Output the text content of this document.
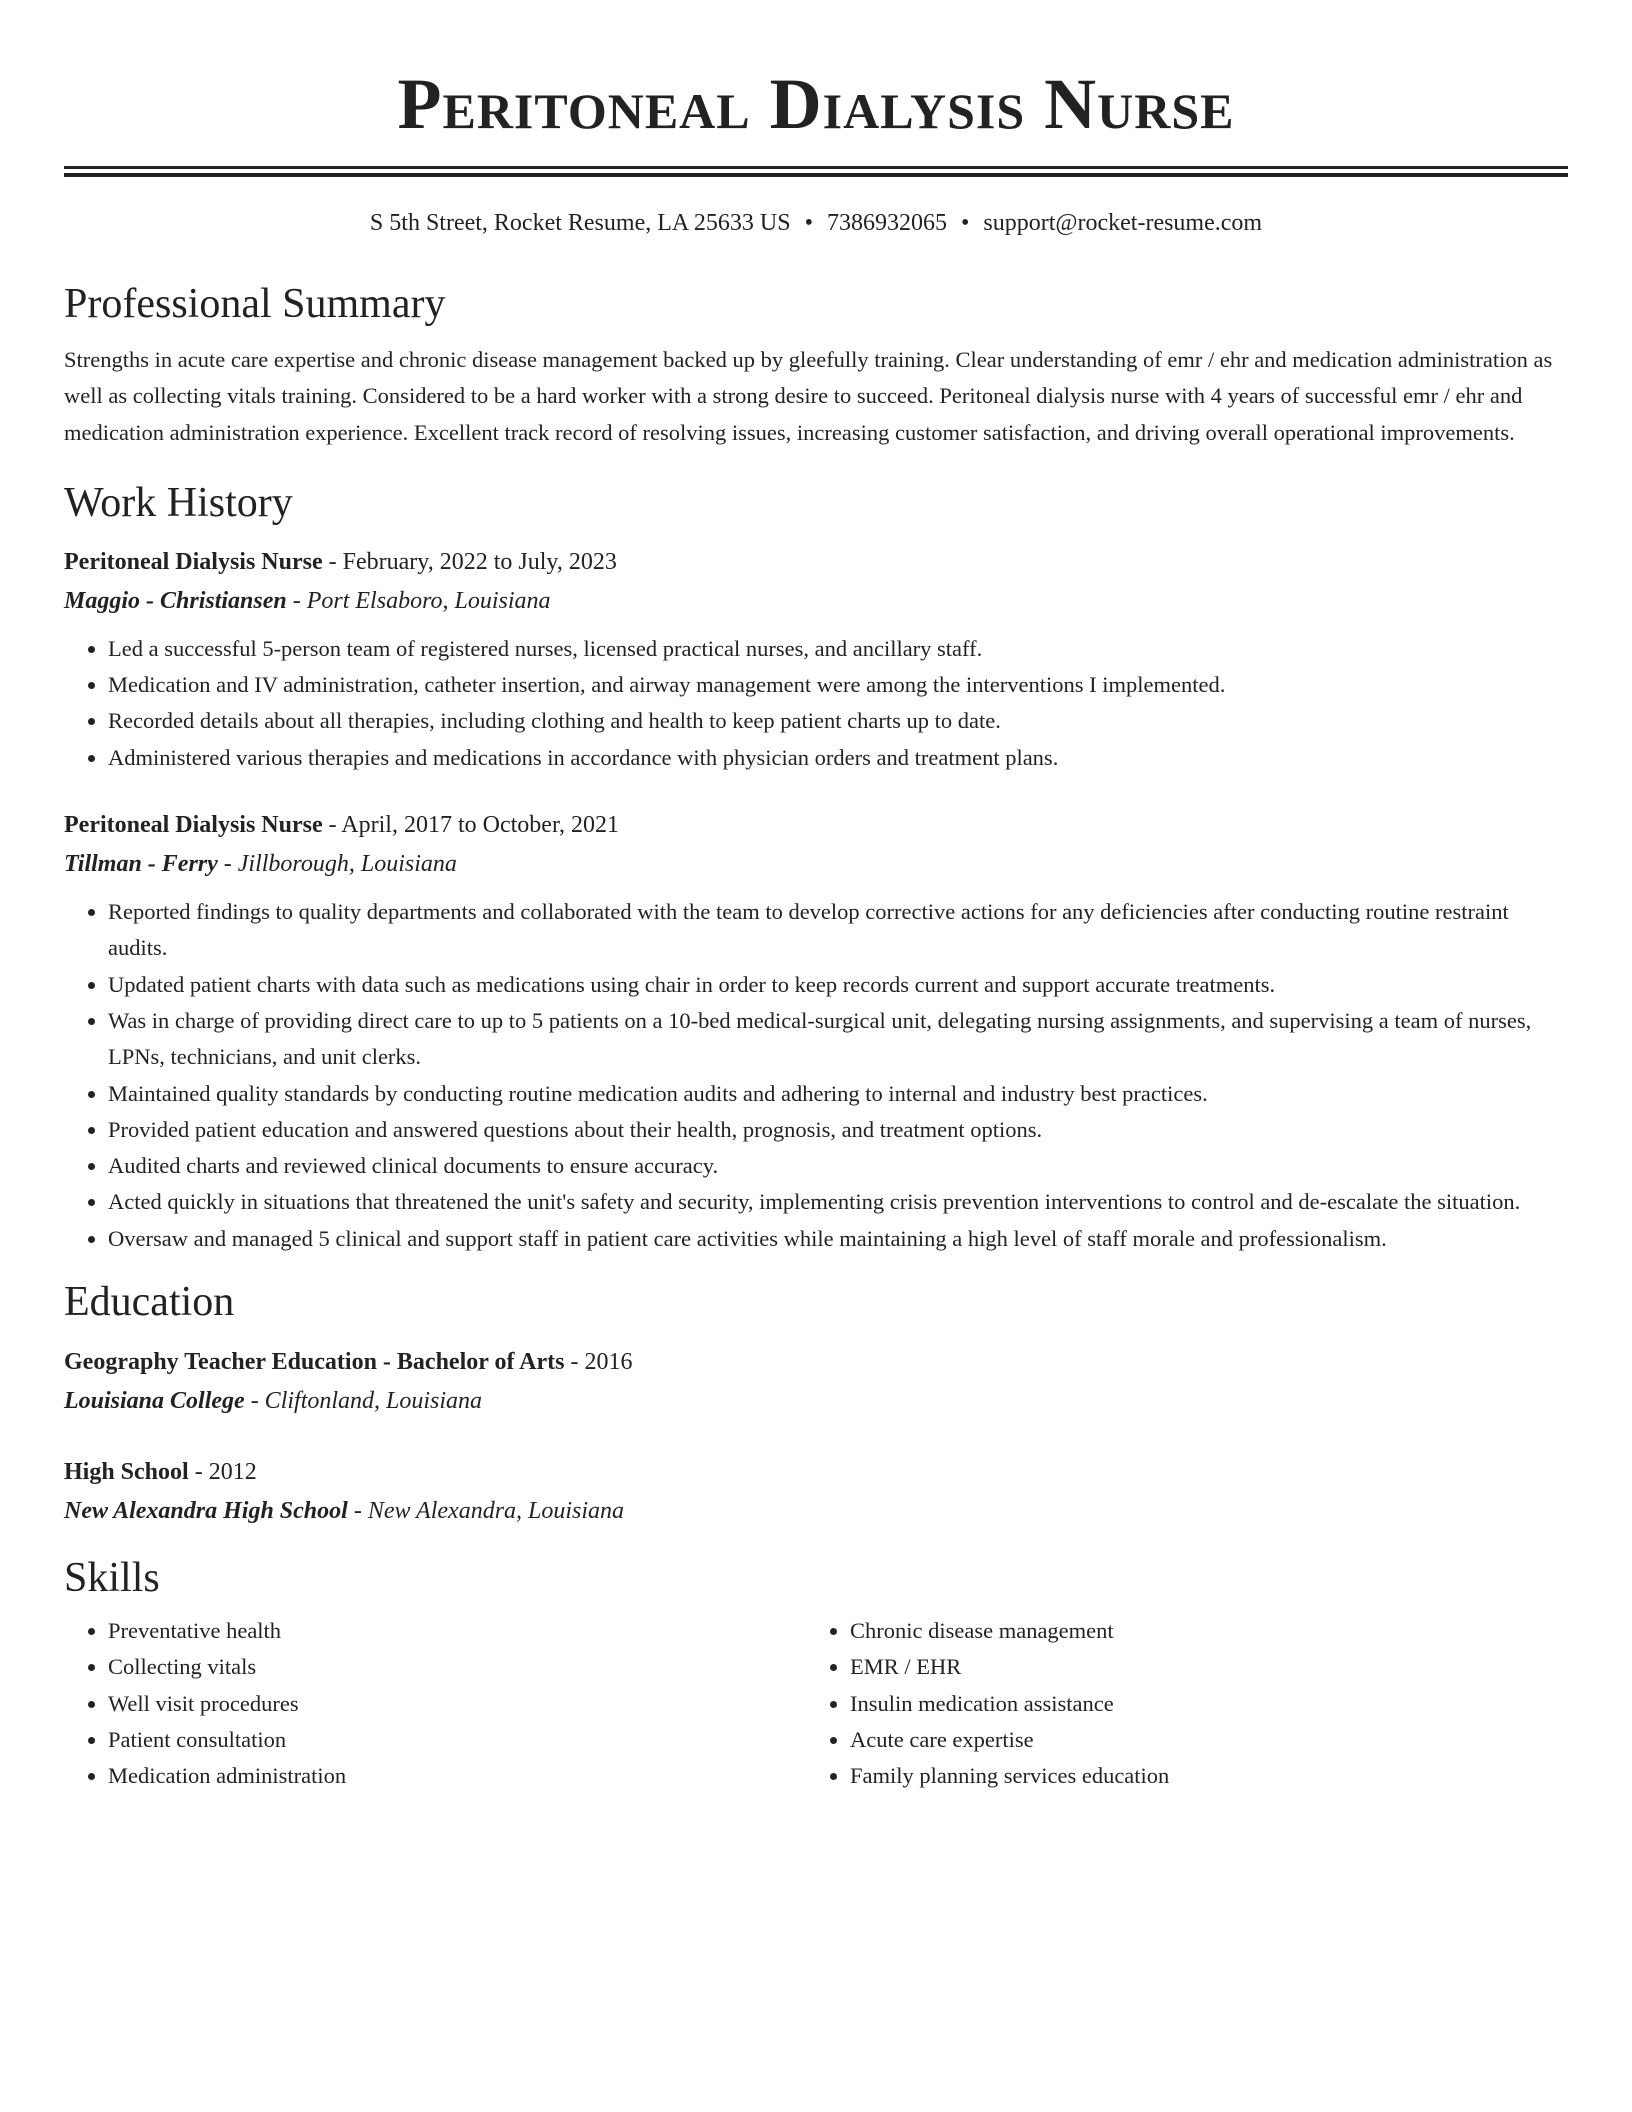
Peritoneal Dialysis Nurse
S 5th Street, Rocket Resume, LA 25633 US • 7386932065 • support@rocket-resume.com
Professional Summary

Strengths in acute care expertise and chronic disease management backed up by gleefully training. Clear understanding of emr / ehr and medication administration as well as collecting vitals training. Considered to be a hard worker with a strong desire to succeed. Peritoneal dialysis nurse with 4 years of successful emr / ehr and medication administration experience. Excellent track record of resolving issues, increasing customer satisfaction, and driving overall operational improvements.

Work History
Peritoneal Dialysis Nurse - February, 2022 to July, 2023
Maggio - Christiansen - Port Elsaboro, Louisiana
• Led a successful 5-person team of registered nurses, licensed practical nurses, and ancillary staff.
• Medication and IV administration, catheter insertion, and airway management were among the interventions I implemented.
• Recorded details about all therapies, including clothing and health to keep patient charts up to date.
• Administered various therapies and medications in accordance with physician orders and treatment plans.
Peritoneal Dialysis Nurse - April, 2017 to October, 2021
Tillman - Ferry - Jillborough, Louisiana
• Reported findings to quality departments and collaborated with the team to develop corrective actions for any deficiencies after conducting routine restraint audits.
• Updated patient charts with data such as medications using chair in order to keep records current and support accurate treatments.
• Was in charge of providing direct care to up to 5 patients on a 10-bed medical-surgical unit, delegating nursing assignments, and supervising a team of nurses, LPNs, technicians, and unit clerks.
• Maintained quality standards by conducting routine medication audits and adhering to internal and industry best practices.
• Provided patient education and answered questions about their health, prognosis, and treatment options.
• Audited charts and reviewed clinical documents to ensure accuracy.
• Acted quickly in situations that threatened the unit's safety and security, implementing crisis prevention interventions to control and de-escalate the situation.
• Oversaw and managed 5 clinical and support staff in patient care activities while maintaining a high level of staff morale and professionalism.
Education
Geography Teacher Education - Bachelor of Arts - 2016
Louisiana College - Cliftonland, Louisiana
High School - 2012
New Alexandra High School - New Alexandra, Louisiana
Skills
• Preventative health
• Collecting vitals
• Well visit procedures
• Patient consultation
• Medication administration
• Chronic disease management
• EMR / EHR
• Insulin medication assistance
• Acute care expertise
• Family planning services education
